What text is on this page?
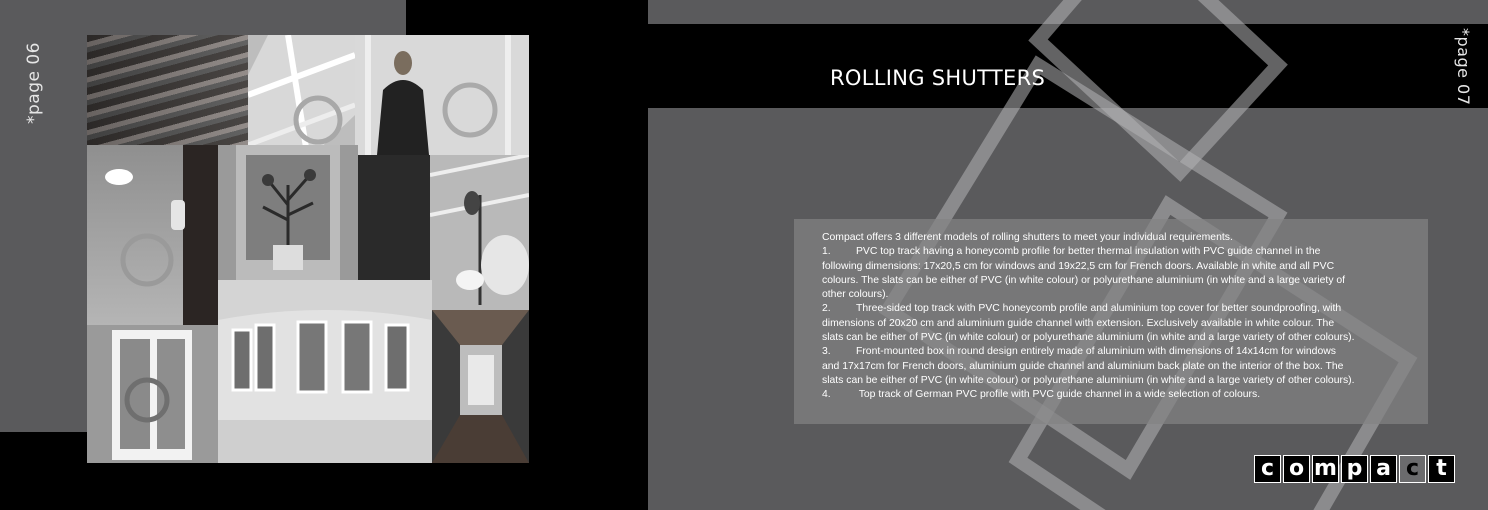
*page 06	ROLLING SHUTTERS	*page 07

Compact offers 3 different models of rolling shutters to meet your individual requirements.

1. PVC top track having a honeycomb profile for better thermal insulation with PVC guide channel in the

following dimensions: 17x20,5 cm for windows and 19x22,5 cm for French doors. Available in white and all PVC

colours. The slats can be either of PVC (in white colour) or polyurethane aluminium (in white and a large variety of

other colours).

2. Three-sided top track with PVC honeycomb profile and aluminium top cover for better soundproofing, with

dimensions of 20x20 cm and aluminium guide channel with extension. Exclusively available in white colour. The

slats can be either of PVC (in white colour) or polyurethane aluminium (in white and a large variety of other colours).

3. Front-mounted box in round design entirely made of aluminium with dimensions of 14x14cm for windows

and 17x17cm for French doors, aluminium guide channel and aluminium back plate on the interior of the box. The

slats can be either of PVC (in white colour) or polyurethane aluminium (in white and a large variety of other colours).

4. Top track of German PVC profile with PVC guide channel in a wide selection of colours.

c o m p a c t
